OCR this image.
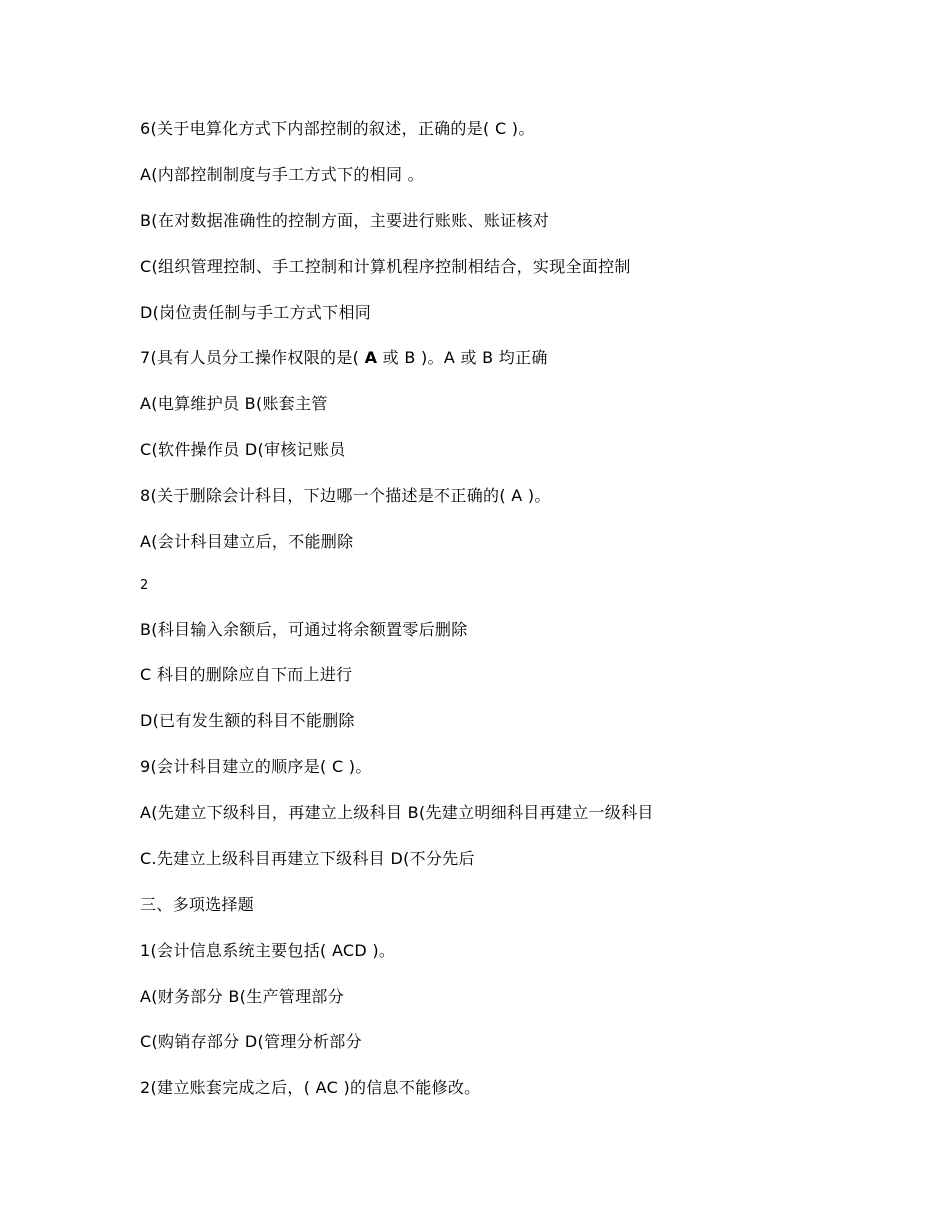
6(关于电算化方式下内部控制的叙述，正确的是( C )。
A(内部控制制度与手工方式下的相同 。
B(在对数据准确性的控制方面，主要进行账账、账证核对
C(组织管理控制、手工控制和计算机程序控制相结合，实现全面控制
D(岗位责任制与手工方式下相同
7(具有人员分工操作权限的是( A 或 B )。A 或 B 均正确
A(电算维护员 B(账套主管
C(软件操作员 D(审核记账员
8(关于删除会计科目，下边哪一个描述是不正确的( A )。
A(会计科目建立后，不能删除
2
B(科目输入余额后，可通过将余额置零后删除
C 科目的删除应自下而上进行
D(已有发生额的科目不能删除
9(会计科目建立的顺序是( C )。
A(先建立下级科目，再建立上级科目 B(先建立明细科目再建立一级科目
C.先建立上级科目再建立下级科目 D(不分先后
三、多项选择题
1(会计信息系统主要包括( ACD )。
A(财务部分 B(生产管理部分
C(购销存部分 D(管理分析部分
2(建立账套完成之后，( AC )的信息不能修改。
